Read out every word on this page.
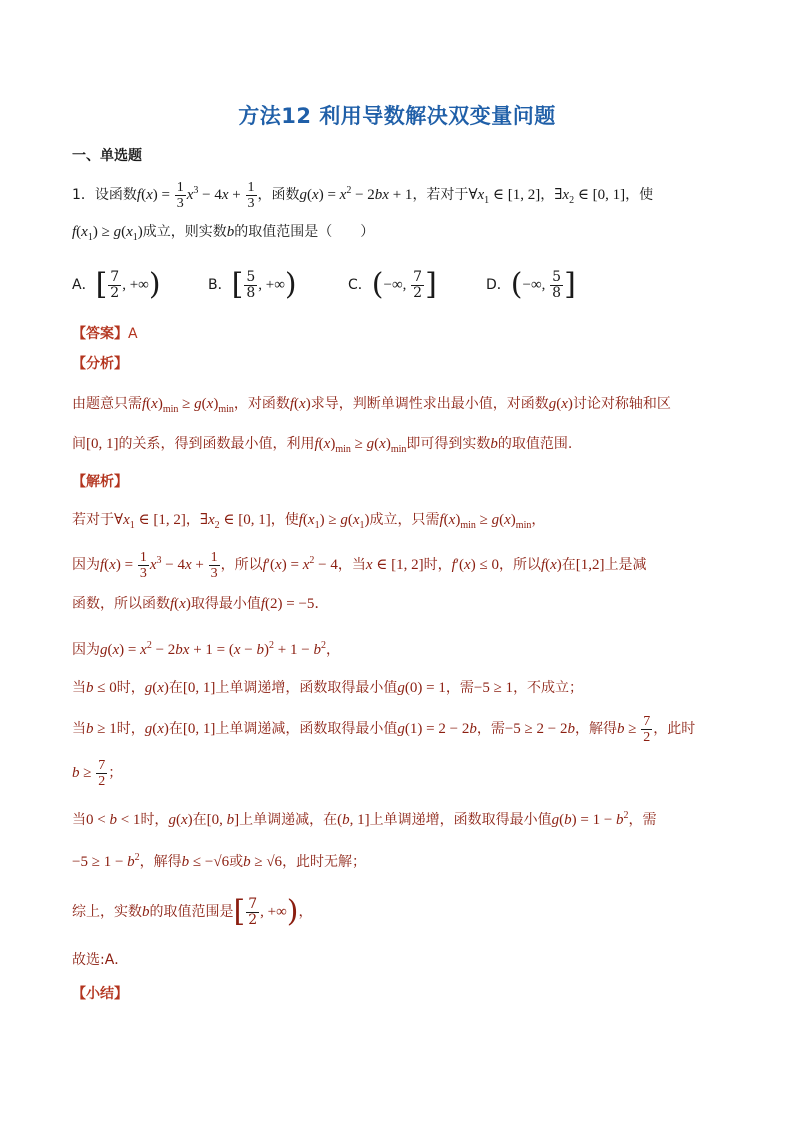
方法12 利用导数解决双变量问题
一、单选题
1．设函数$f(x) = \frac{1}{3} x^3 - 4x + \frac{1}{3}$ ，函数$g(x) = x^2 - 2bx + 1$，若对于$\forall x_1$ ∈ [1, 2]，$\exists x_2$ ∈ [0, 1]，使
$f(x_1) \ge g(x_1)$成立，则实数b的取值范围是（　　）
A．[ $\frac{7}{2}$ , +∞)	B．[ $\frac{5}{8}$ , +∞)	C．(−∞, $\frac{7}{2}$ ]	D．(−∞, $\frac{5}{8}$ ]
【答案】A
【分析】
由题意只需$f(x)_{min} \ge g(x)_{min}$，对函数f(x)求导，判断单调性求出最小值，对函数g(x)讨论对称轴和区
间[0, 1]的关系，得到函数最小值，利用$f(x)_{min} \ge g(x)_{min}$即可得到实数b的取值范围.
【解析】
若对于$\forall x_1$ ∈ [1, 2]，$\exists x_2$ ∈ [0, 1]，使$f(x_1) \ge g(x_1)$成立，只需$f(x)_{min} \ge g(x)_{min}$，
因为$f(x) = \frac{1}{3} x^3 - 4x + \frac{1}{3}$ ，所以$f'(x) = x^2 - 4$，当x ∈ [1, 2]时，f′(x) ≤ 0，所以f(x)在[1,2]上是减
函数，所以函数f(x)取得最小值f(2) = −5．
因为$g(x) = x^2 - 2bx + 1 = (x - b)^2 + 1 - b^2$，
当b ≤ 0时，g(x)在[0, 1]上单调递增，函数取得最小值g(0) = 1，需−5 ≥ 1，不成立；
当b ≥ 1时，g(x)在[0, 1]上单调递减，函数取得最小值g(1) = 2 − 2b，需−5 ≥ 2 − 2b，解得$b \ge \frac{7}{2}$ ，此时
$b \ge \frac{7}{2}$ ；
当0 < b < 1时，g(x)在[0, b]上单调递减，在(b, 1]上单调递增，函数取得最小值$g(b) = 1 - b^2$，需
$-5 \ge 1 - b^2$，解得b ≤ −√6或b ≥ √6，此时无解；
综上，实数b的取值范围是[ $\frac{7}{2}$ , +∞)，
故选:A．
【小结】
